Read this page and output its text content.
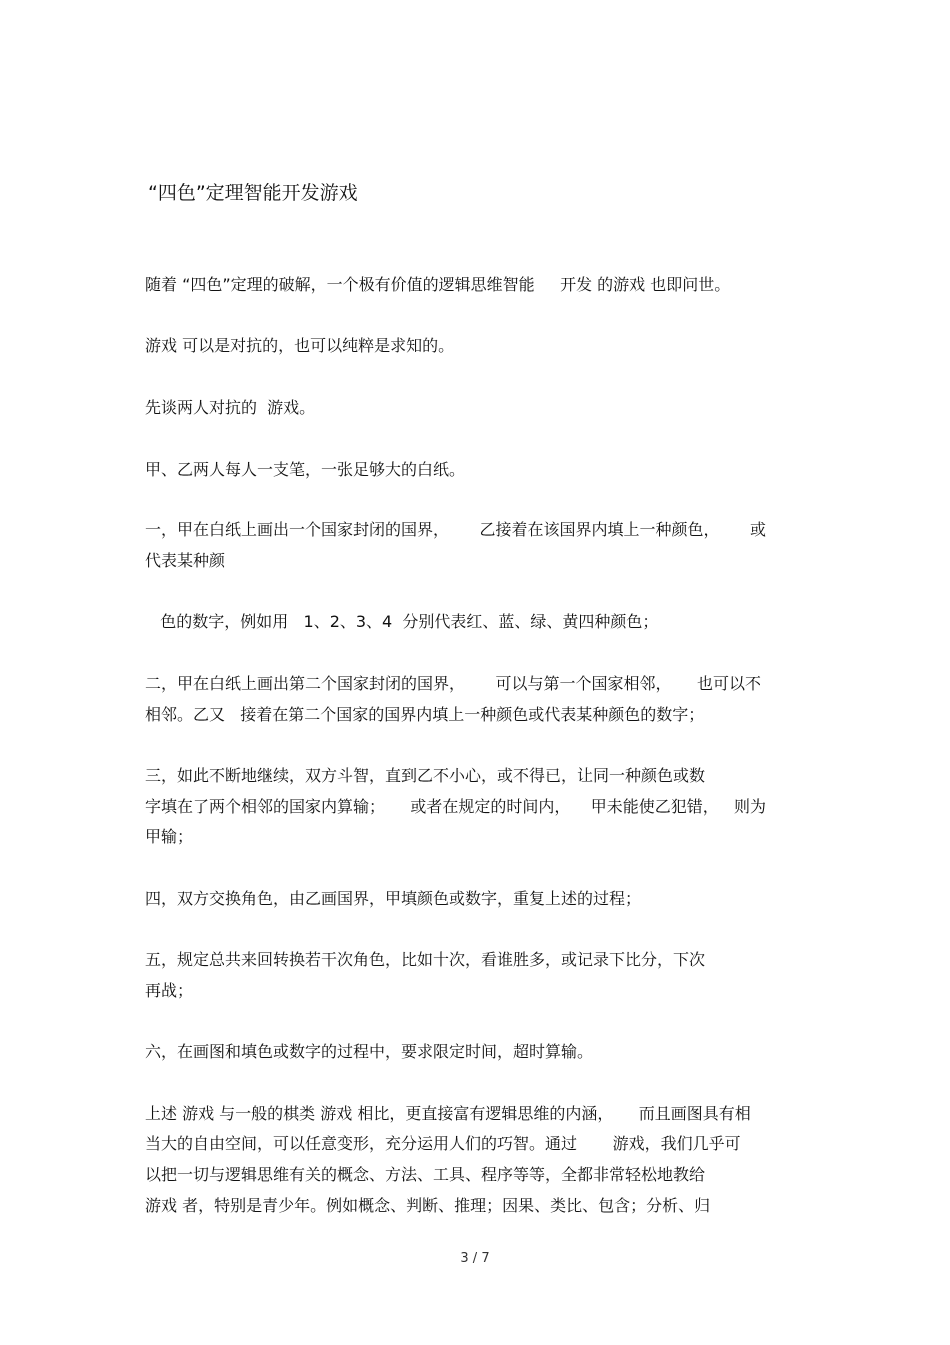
“四色”定理智能开发游戏
随着 “四色”定理的破解，一个极有价值的逻辑思维智能     开发 的游戏 也即问世。
游戏 可以是对抗的，也可以纯粹是求知的。
先谈两人对抗的  游戏。
甲、乙两人每人一支笔，一张足够大的白纸。
一，甲在白纸上画出一个国家封闭的国界，      乙接着在该国界内填上一种颜色，      或
代表某种颜
色的数字，例如用   1、2、3、4  分别代表红、蓝、绿、黄四种颜色；
二，甲在白纸上画出第二个国家封闭的国界，      可以与第一个国家相邻，     也可以不
相邻。乙又   接着在第二个国家的国界内填上一种颜色或代表某种颜色的数字；
三，如此不断地继续，双方斗智，直到乙不小心，或不得已，让同一种颜色或数
字填在了两个相邻的国家内算输；     或者在规定的时间内，    甲未能使乙犯错，   则为
甲输；
四，双方交换角色，由乙画国界，甲填颜色或数字，重复上述的过程；
五，规定总共来回转换若干次角色，比如十次，看谁胜多，或记录下比分，下次
再战；
六，在画图和填色或数字的过程中，要求限定时间，超时算输。
上述 游戏 与一般的棋类 游戏 相比，更直接富有逻辑思维的内涵，     而且画图具有相
当大的自由空间，可以任意变形，充分运用人们的巧智。通过       游戏，我们几乎可
以把一切与逻辑思维有关的概念、方法、工具、程序等等，全都非常轻松地教给
游戏 者，特别是青少年。例如概念、判断、推理；因果、类比、包含；分析、归
3 / 7
